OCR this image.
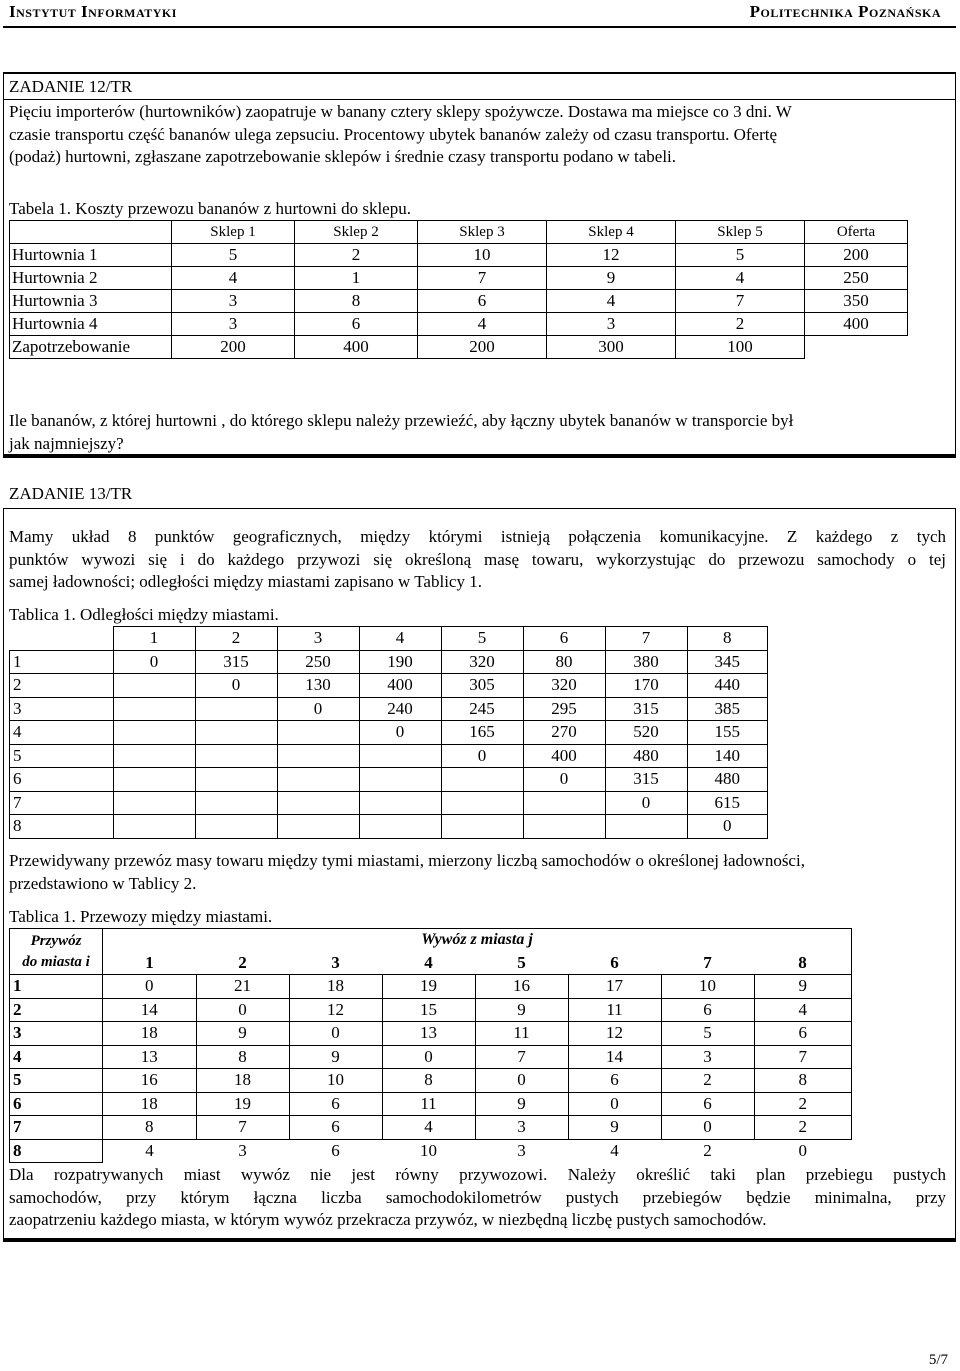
Instytut Informatyki	Politechnika Poznańska
ZADANIE 12/TR
Pięciu importerów (hurtowników) zaopatruje w banany cztery sklepy spożywcze. Dostawa ma miejsce co 3 dni. W
czasie transportu część bananów ulega zepsuciu. Procentowy ubytek bananów zależy od czasu transportu. Ofertę
(podaż) hurtowni, zgłaszane zapotrzebowanie sklepów i średnie czasy transportu podano w tabeli.
Tabela 1. Koszty przewozu bananów z hurtowni do sklepu.
	Sklep 1	Sklep 2	Sklep 3	Sklep 4	Sklep 5	Oferta
Hurtownia 1	5	2	10	12	5	200
Hurtownia 2	4	1	7	9	4	250
Hurtownia 3	3	8	6	4	7	350
Hurtownia 4	3	6	4	3	2	400
Zapotrzebowanie	200	400	200	300	100	
Ile bananów, z której hurtowni , do którego sklepu należy przewieźć, aby łączny ubytek bananów w transporcie był
jak najmniejszy?
ZADANIE 13/TR
Mamy układ 8 punktów geograficznych, między którymi istnieją połączenia komunikacyjne. Z każdego z tych
punktów wywozi się i do każdego przywozi się określoną masę towaru, wykorzystując do przewozu samochody o tej
samej ładowności; odległości między miastami zapisano w Tablicy 1.
Tablica 1. Odległości między miastami.
	1	2	3	4	5	6	7	8
1	0	315	250	190	320	80	380	345
2		0	130	400	305	320	170	440
3			0	240	245	295	315	385
4				0	165	270	520	155
5					0	400	480	140
6						0	315	480
7							0	615
8								0
Przewidywany przewóz masy towaru między tymi miastami, mierzony liczbą samochodów o określonej ładowności,
przedstawiono w Tablicy 2.
Tablica 1. Przewozy między miastami.
Przywóz
do miasta i	Wywóz z miasta j							
	1	2	3	4	5	6	7	8
1	0	21	18	19	16	17	10	9
2	14	0	12	15	9	11	6	4
3	18	9	0	13	11	12	5	6
4	13	8	9	0	7	14	3	7
5	16	18	10	8	0	6	2	8
6	18	19	6	11	9	0	6	2
7	8	7	6	4	3	9	0	2
8	4	3	6	10	3	4	2	0
Dla rozpatrywanych miast wywóz nie jest równy przywozowi. Należy określić taki plan przebiegu pustych
samochodów, przy którym łączna liczba samochodokilometrów pustych przebiegów będzie minimalna, przy
zaopatrzeniu każdego miasta, w którym wywóz przekracza przywóz, w niezbędną liczbę pustych samochodów.
5/7
